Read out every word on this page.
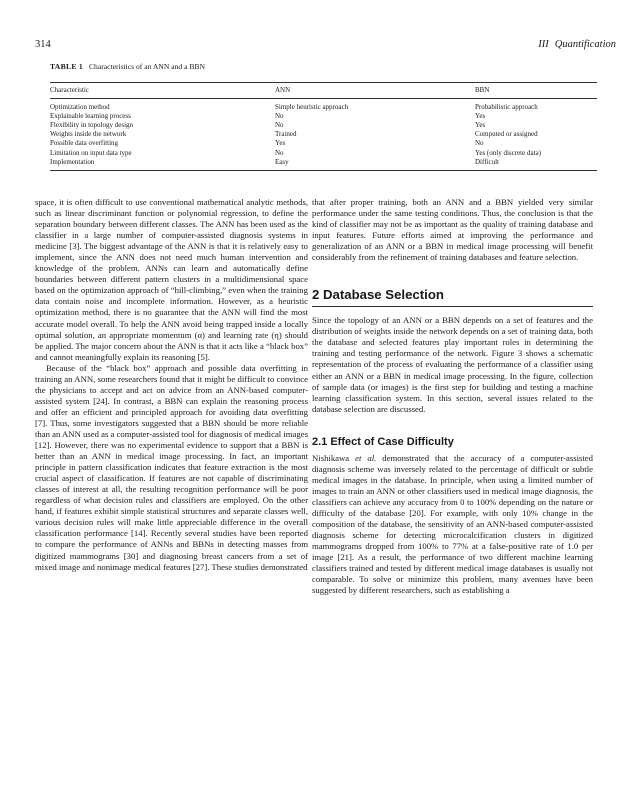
314	III Quantification
TABLE 1 Characteristics of an ANN and a BBN
Characteristic	ANN	BBN
Optimization method	Simple heuristic approach	Probabilistic approach
Explainable learning process	No	Yes
Flexibility in topology design	No	Yes
Weights inside the network	Trained	Computed or assigned
Possible data overfitting	Yes	No
Limitation on input data type	No	Yes (only discrete data)
Implementation	Easy	Difficult

space, it is often difficult to use conventional mathematical analytic methods, such as linear discriminant function or polynomial regression, to define the separation boundary between different classes. The ANN has been used as the classifier in a large number of computer-assisted diagnosis systems in medicine [3]. The biggest advantage of the ANN is that it is relatively easy to implement, since the ANN does not need much human intervention and knowledge of the problem. ANNs can learn and automatically define boundaries between different pattern clusters in a multidimensional space based on the optimization approach of “hill-climbing,” even when the training data contain noise and incomplete information. However, as a heuristic optimization method, there is no guarantee that the ANN will find the most accurate model overall. To help the ANN avoid being trapped inside a locally optimal solution, an appropriate momentum (α) and learning rate (η) should be applied. The major concern about the ANN is that it acts like a “black box” and cannot meaningfully explain its reasoning [5].

Because of the “black box” approach and possible data overfitting in training an ANN, some researchers found that it might be difficult to convince the physicians to accept and act on advice from an ANN-based computer-assisted system [24]. In contrast, a BBN can explain the reasoning process and offer an efficient and principled approach for avoiding data overfitting [7]. Thus, some investigators suggested that a BBN should be more reliable than an ANN used as a computer-assisted tool for diagnosis of medical images [12]. However, there was no experimental evidence to support that a BBN is better than an ANN in medical image processing. In fact, an important principle in pattern classification indicates that feature extraction is the most crucial aspect of classification. If features are not capable of discriminating classes of interest at all, the resulting recognition performance will be poor regardless of what decision rules and classifiers are employed. On the other hand, if features exhibit simple statistical structures and separate classes well, various decision rules will make little appreciable difference in the overall classification performance [14]. Recently several studies have been reported to compare the performance of ANNs and BBNs in detecting masses from digitized mammograms [30] and diagnosing breast cancers from a set of mixed image and nonimage medical features [27]. These studies demonstrated

that after proper training, both an ANN and a BBN yielded very similar performance under the same testing conditions. Thus, the conclusion is that the kind of classifier may not be as important as the quality of training database and input features. Future efforts aimed at improving the performance and generalization of an ANN or a BBN in medical image processing will benefit considerably from the refinement of training databases and feature selection.

2 Database Selection

Since the topology of an ANN or a BBN depends on a set of features and the distribution of weights inside the network depends on a set of training data, both the database and selected features play important roles in determining the training and testing performance of the network. Figure 3 shows a schematic representation of the process of evaluating the performance of a classifier using either an ANN or a BBN in medical image processing. In the figure, collection of sample data (or images) is the first step for building and testing a machine learning classification system. In this section, several issues related to the database selection are discussed.

2.1 Effect of Case Difficulty

Nishikawa et al. demonstrated that the accuracy of a computer-assisted diagnosis scheme was inversely related to the percentage of difficult or subtle medical images in the database. In principle, when using a limited number of images to train an ANN or other classifiers used in medical image diagnosis, the classifiers can achieve any accuracy from 0 to 100% depending on the nature or difficulty of the database [20]. For example, with only 10% change in the composition of the database, the sensitivity of an ANN-based computer-assisted diagnosis scheme for detecting microcalcification clusters in digitized mammograms dropped from 100% to 77% at a false-positive rate of 1.0 per image [21]. As a result, the performance of two different machine learning classifiers trained and tested by different medical image databases is usually not comparable. To solve or minimize this problem, many avenues have been suggested by different researchers, such as establishing a
